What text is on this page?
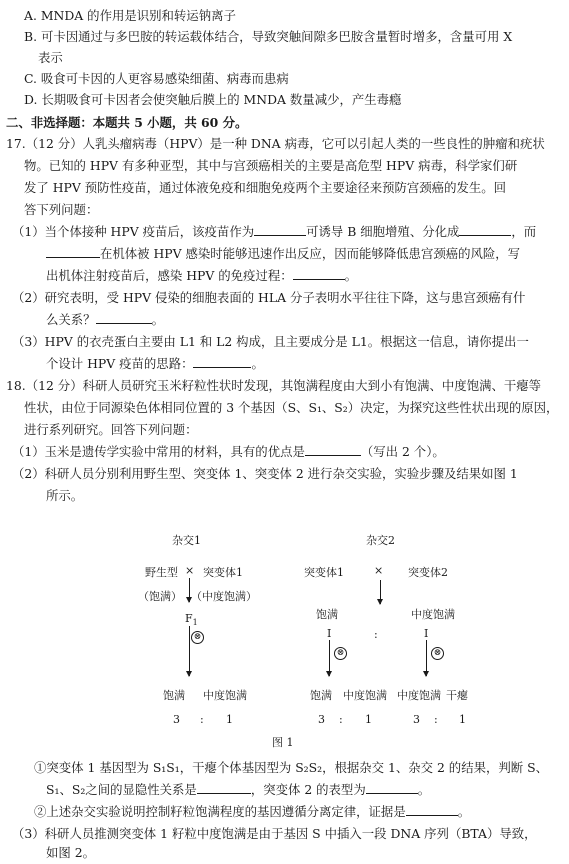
A. MNDA 的作用是识别和转运钠离子
B. 可卡因通过与多巴胺的转运载体结合，导致突触间隙多巴胺含量暂时增多，含量可用 X
表示
C. 吸食可卡因的人更容易感染细菌、病毒而患病
D. 长期吸食可卡因者会使突触后膜上的 MNDA 数量减少，产生毒瘾
二、非选择题：本题共 5 小题，共 60 分。
17.（12 分）人乳头瘤病毒（HPV）是一种 DNA 病毒，它可以引起人类的一些良性的肿瘤和疣状
物。已知的 HPV 有多种亚型，其中与宫颈癌相关的主要是高危型 HPV 病毒，科学家们研
发了 HPV 预防性疫苗，通过体液免疫和细胞免疫两个主要途径来预防宫颈癌的发生。回
答下列问题：
（1）当个体接种 HPV 疫苗后，该疫苗作为	可诱导 B 细胞增殖、分化成	，而
在机体被 HPV 感染时能够迅速作出反应，因而能够降低患宫颈癌的风险，写
出机体注射疫苗后，感染 HPV 的免疫过程：	。
（2）研究表明，受 HPV 侵染的细胞表面的 HLA 分子表明水平往往下降，这与患宫颈癌有什
么关系？	。
（3）HPV 的衣壳蛋白主要由 L1 和 L2 构成，且主要成分是 L1。根据这一信息，请你提出一
个设计 HPV 疫苗的思路：	。
18.（12 分）科研人员研究玉米籽粒性状时发现，其饱满程度由大到小有饱满、中度饱满、干瘪等
性状，由位于同源染色体相同位置的 3 个基因（S、S₁、S₂）决定，为探究这些性状出现的原因，
进行系列研究。回答下列问题：
（1）玉米是遗传学实验中常用的材料，具有的优点是	（写出 2 个）。
（2）科研人员分别利用野生型、突变体 1、突变体 2 进行杂交实验，实验步骤及结果如图 1
所示。
杂交1
野生型 × 突变体1
（饱满） （中度饱满）
$F_1$
⊗
饱满 中度饱满
3 : 1
杂交2
突变体1	× 突变体2
饱满	中度饱满
I	:	I
⊗	⊗
饱满 中度饱满 中度饱满 干瘪
3 : 1	3 : 1
图 1
①突变体 1 基因型为 S₁S₁，干瘪个体基因型为 S₂S₂，根据杂交 1、杂交 2 的结果，判断 S、
S₁、S₂之间的显隐性关系是	，突变体 2 的表型为	。
②上述杂交实验说明控制籽粒饱满程度的基因遵循分离定律，证据是	。
（3）科研人员推测突变体 1 籽粒中度饱满是由于基因 S 中插入一段 DNA 序列（BTA）导致，
如图 2。
